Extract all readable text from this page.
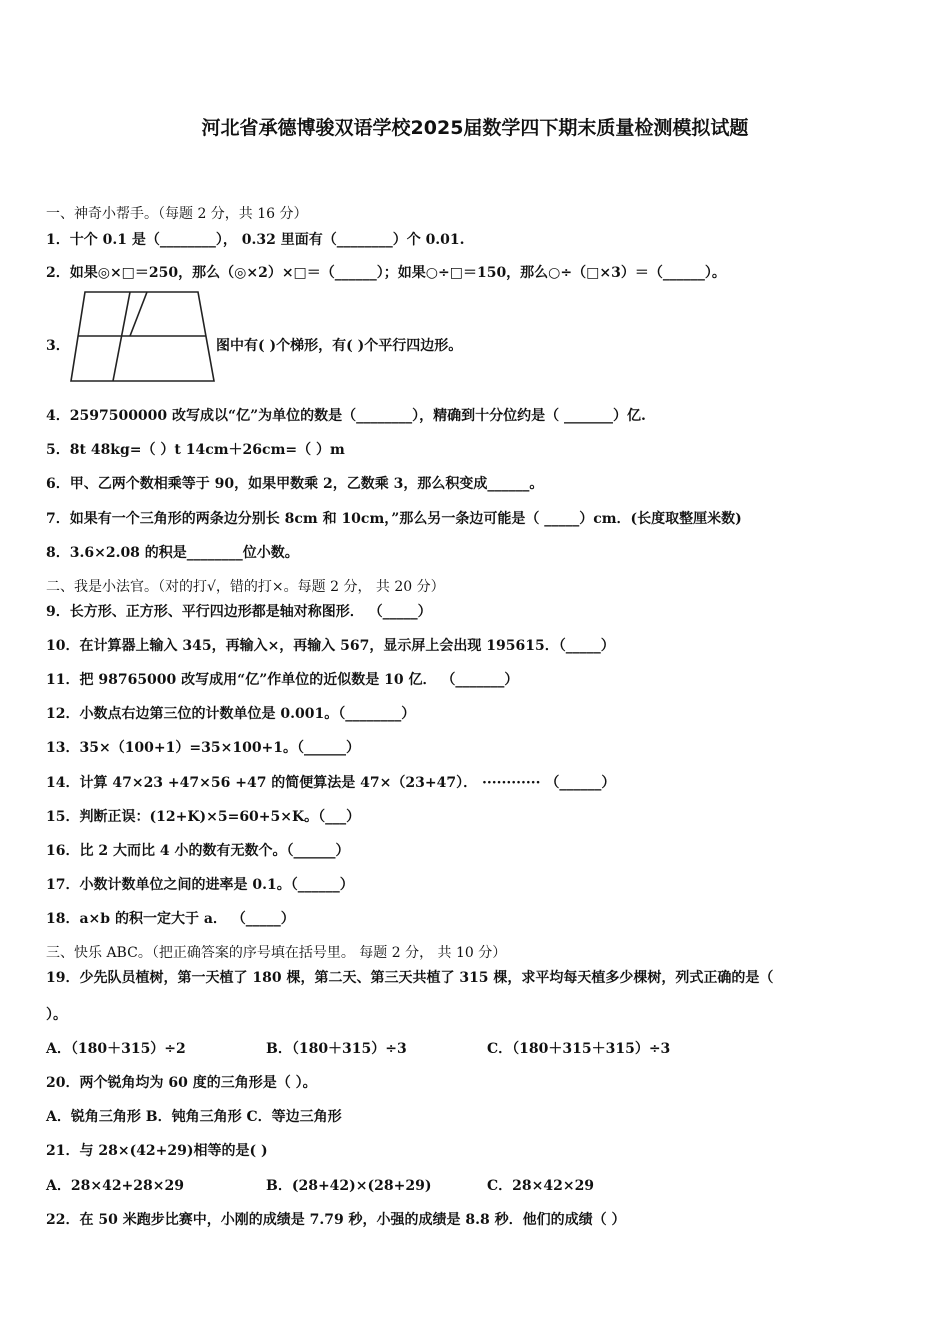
河北省承德博骏双语学校2025届数学四下期末质量检测模拟试题
一、神奇小帮手。（每题 2 分，共 16 分）
1．十个 0.1 是（________）， 0.32 里面有（________）个 0.01.
2．如果◎×□＝250，那么（◎×2）×□＝（______）；如果○÷□＝150，那么○÷（□×3）＝（______）。
3．	图中有( )个梯形，有( )个平行四边形。
4．2597500000 改写成以“亿”为单位的数是（________），精确到十分位约是（ _______）亿.
5．8t 48kg=（ ）t 14cm＋26cm=（ ）m
6．甲、乙两个数相乘等于 90，如果甲数乘 2，乙数乘 3，那么积变成______。
7．如果有一个三角形的两条边分别长 8cm 和 10cm，”那么另一条边可能是（ _____）cm．(长度取整厘米数)
8．3.6×2.08 的积是________位小数。
二、我是小法官。（对的打√，错的打×。每题 2 分， 共 20 分）
9．长方形、正方形、平行四边形都是轴对称图形． （_____）
10．在计算器上输入 345，再输入×，再输入 567，显示屏上会出现 195615．（_____）
11．把 98765000 改写成用“亿”作单位的近似数是 10 亿． （_______）
12．小数点右边第三位的计数单位是 0.001。（________）
13．35×（100+1）=35×100+1。（______）
14．计算 47×23 +47×56 +47 的简便算法是 47×（23+47）． ············ （______）
15．判断正误：(12+K)×5=60+5×K。（___）
16．比 2 大而比 4 小的数有无数个。（______）
17．小数计数单位之间的进率是 0.1。（______）
18．a×b 的积一定大于 a． （_____）
三、快乐 ABC。（把正确答案的序号填在括号里。 每题 2 分， 共 10 分）
19．少先队员植树，第一天植了 180 棵，第二天、第三天共植了 315 棵，求平均每天植多少棵树，列式正确的是（
）。
A．（180＋315）÷2	B．（180＋315）÷3	C．（180＋315＋315）÷3
20．两个锐角均为 60 度的三角形是（ ）。
A．锐角三角形 B．钝角三角形 C．等边三角形
21．与 28×(42+29)相等的是( )
A．28×42+28×29	B．(28+42)×(28+29)	C．28×42×29
22．在 50 米跑步比赛中，小刚的成绩是 7.79 秒，小强的成绩是 8.8 秒．他们的成绩（ ）
